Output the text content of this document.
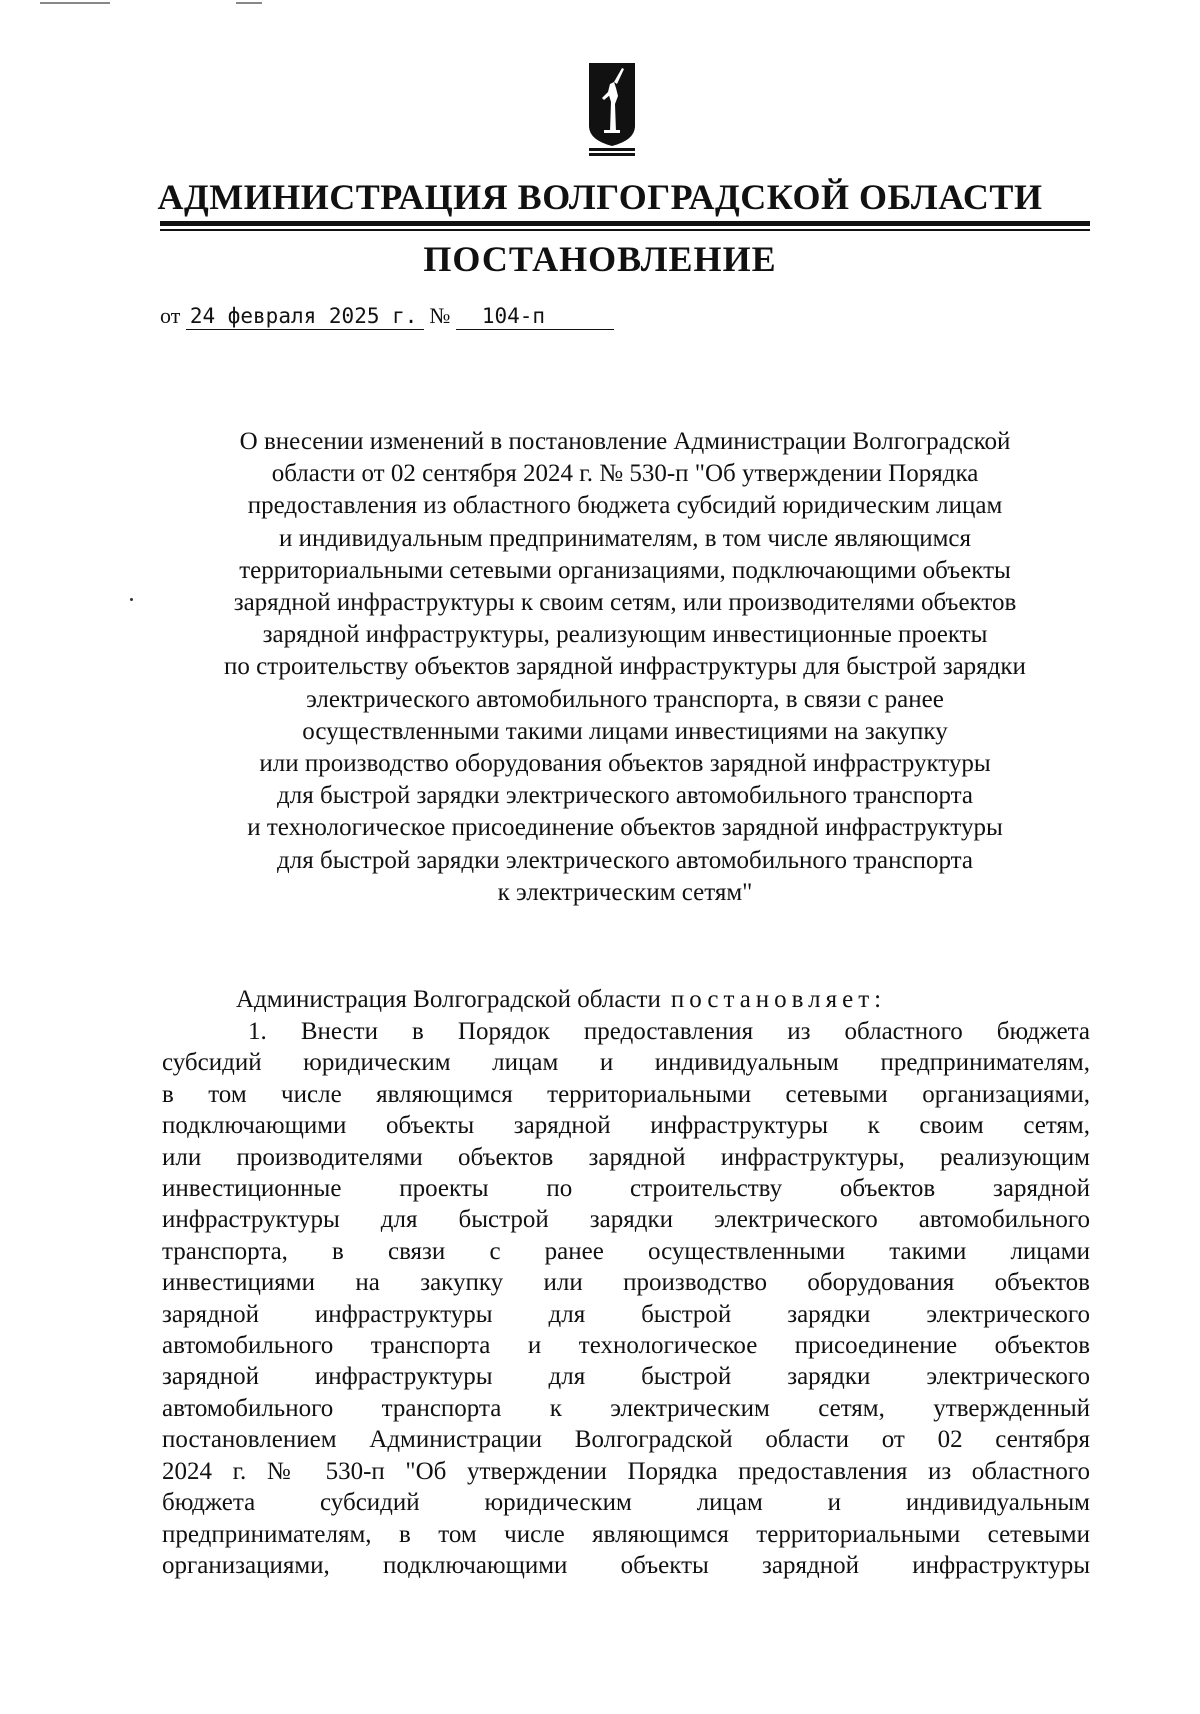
АДМИНИСТРАЦИЯ ВОЛГОГРАДСКОЙ ОБЛАСТИ
ПОСТАНОВЛЕНИЕ
от 24 февраля 2025 г. № 104-п
О внесении изменений в постановление Администрации Волгоградской
области от 02 сентября 2024 г. № 530-п "Об утверждении Порядка
предоставления из областного бюджета субсидий юридическим лицам
и индивидуальным предпринимателям, в том числе являющимся
территориальными сетевыми организациями, подключающими объекты
зарядной инфраструктуры к своим сетям, или производителями объектов
зарядной инфраструктуры, реализующим инвестиционные проекты
по строительству объектов зарядной инфраструктуры для быстрой зарядки
электрического автомобильного транспорта, в связи с ранее
осуществленными такими лицами инвестициями на закупку
или производство оборудования объектов зарядной инфраструктуры
для быстрой зарядки электрического автомобильного транспорта
и технологическое присоединение объектов зарядной инфраструктуры
для быстрой зарядки электрического автомобильного транспорта
к электрическим сетям"
Администрация Волгоградской области постановляет:
1. Внести в Порядок предоставления из областного бюджета
субсидий юридическим лицам и индивидуальным предпринимателям,
в том числе являющимся территориальными сетевыми организациями,
подключающими объекты зарядной инфраструктуры к своим сетям,
или производителями объектов зарядной инфраструктуры, реализующим
инвестиционные проекты по строительству объектов зарядной
инфраструктуры для быстрой зарядки электрического автомобильного
транспорта, в связи с ранее осуществленными такими лицами
инвестициями на закупку или производство оборудования объектов
зарядной инфраструктуры для быстрой зарядки электрического
автомобильного транспорта и технологическое присоединение объектов
зарядной инфраструктуры для быстрой зарядки электрического
автомобильного транспорта к электрическим сетям, утвержденный
постановлением Администрации Волгоградской области от 02 сентября
2024 г. № 530-п "Об утверждении Порядка предоставления из областного
бюджета субсидий юридическим лицам и индивидуальным
предпринимателям, в том числе являющимся территориальными сетевыми
организациями, подключающими объекты зарядной инфраструктуры
